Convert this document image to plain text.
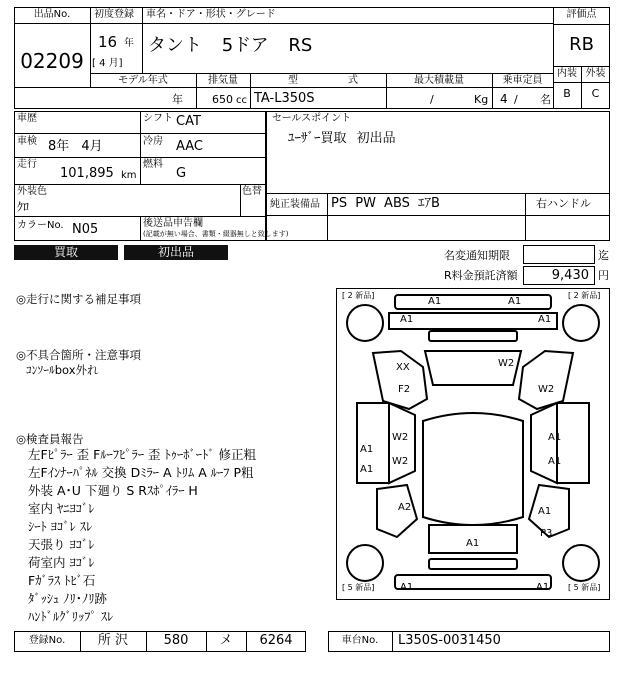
出品No.
02209
初度登録
16 年
[ 4 月]
車名・ドア・形状・グレード
タント 5ドア RS
評価点
RB
内装 外装
B	C
モデル年式
年
排気量
650 cc
型	式
TA-L350S
最大積載量
/	Kg
乗車定員
4 / 名
車歴	シフト CAT
車検 8年 4月	冷房 AAC
走行
101,895 km
燃料
G
外装色
ｸﾛ
色替
カラーNo. N05	後送品申告欄
(記載が無い場合、書類・綴器無しと致します)
セールスポイント
ﾕｰｻﾞｰ買取 初出品
純正装備品 PS PW ABS ｴｱB	右ハンドル
買取	初出品	名変通知期限	迄
R料金預託済額	9,430 円
◎走行に関する補足事項
◎不具合箇所・注意事項
ｺﾝｿｰﾙbox外れ
◎検査員報告
左Fﾋﾟﾗｰ 歪 Fﾙｰﾌﾋﾟﾗｰ 歪 ﾄｩｰﾎﾞｰﾄﾞ 修正粗
左Fｲﾝﾅｰﾊﾟﾈﾙ 交換 Dﾐﾗｰ A ﾄﾘﾑ A ﾙｰﾌ P粗
外装 A･U 下廻り S Rｽﾎﾟｲﾗｰ H
室内 ﾔﾆﾖｺﾞﾚ
ｼｰﾄ ﾖｺﾞﾚ ｽﾚ
天張り ﾖｺﾞﾚ
荷室内 ﾖｺﾞﾚ
Fｶﾞﾗｽ ﾄﾋﾞ石
ﾀﾞｯｼｭ ﾉﾘ･ﾉﾘ跡
ﾊﾝﾄﾞﾙｸﾞﾘｯﾌﾟ ｽﾚ
[ 2 新品]	[ 2 新品]
[ 5 新品]	[ 5 新品]
A1	A1
A1	A1
XX
F2
W2
W2
A1
A1
W2
W2
A1
A1
A2	A1
P3
A1
A1	A1
登録No.	所 沢	580	メ	6264	車台No.	L350S-0031450
